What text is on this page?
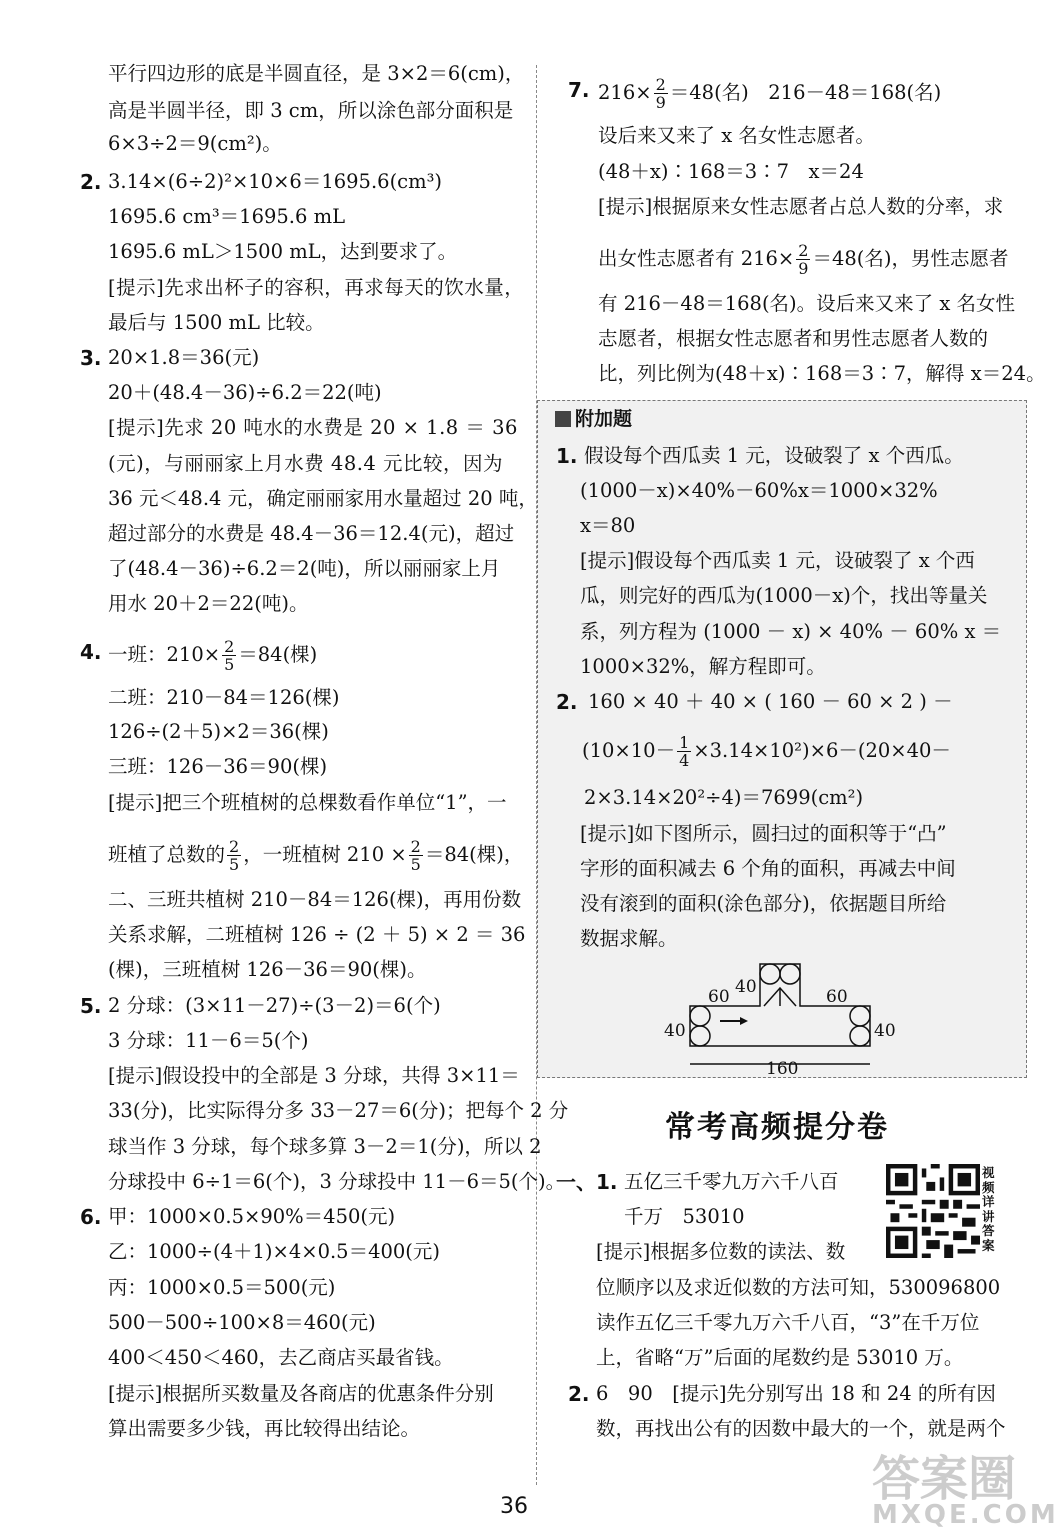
平行四边形的底是半圆直径，是 3×2＝6(cm)，
高是半圆半径，即 3 cm，所以涂色部分面积是
6×3÷2＝9(cm²)。
2. 3.14×(6÷2)²×10×6＝1695.6(cm³)
1695.6 cm³＝1695.6 mL
1695.6 mL＞1500 mL，达到要求了。
[提示]先求出杯子的容积，再求每天的饮水量，
最后与 1500 mL 比较。
3. 20×1.8＝36(元)
20＋(48.4－36)÷6.2＝22(吨)
[提示]先求 20 吨水的水费是 20 × 1.8 ＝ 36
(元)，与丽丽家上月水费 48.4 元比较，因为
36 元＜48.4 元，确定丽丽家用水量超过 20 吨，
超过部分的水费是 48.4－36＝12.4(元)，超过
了(48.4－36)÷6.2＝2(吨)，所以丽丽家上月
用水 20＋2＝22(吨)。
4. 一班：$210\times \frac{2}{5} =84$(棵)
二班：210－84＝126(棵)
126÷(2＋5)×2＝36(棵)
三班：126－36＝90(棵)
[提示]把三个班植树的总棵数看作单位“1”，一
班植了总数的 $\frac{2}{5}$ ，一班植树 $210 \times \frac{2}{5} =84$(棵)，
二、三班共植树 210－84＝126(棵)，再用份数
关系求解，二班植树 126 ÷ (2 ＋ 5) × 2 ＝ 36
(棵)，三班植树 126－36＝90(棵)。
5. 2 分球：(3×11－27)÷(3－2)＝6(个)
3 分球：11－6＝5(个)
[提示]假设投中的全部是 3 分球，共得 3×11＝
33(分)，比实际得分多 33－27＝6(分)；把每个 2 分
球当作 3 分球，每个球多算 3－2＝1(分)，所以 2
分球投中 6÷1＝6(个)，3 分球投中 11－6＝5(个)。
6. 甲：1000×0.5×90%＝450(元)
乙：1000÷(4＋1)×4×0.5＝400(元)
丙：1000×0.5＝500(元)
500－500÷100×8＝460(元)
400＜450＜460，去乙商店买最省钱。
[提示]根据所买数量及各商店的优惠条件分别
算出需要多少钱，再比较得出结论。
7. $216\times \frac{2}{9} =48$(名)　216－48＝168(名)
设后来又来了 x 名女性志愿者。
(48＋x)∶168＝3∶7　x＝24
[提示]根据原来女性志愿者占总人数的分率，求
出女性志愿者有 $216\times \frac{2}{9} =48$(名)，男性志愿者
有 216－48＝168(名)。设后来又来了 x 名女性
志愿者，根据女性志愿者和男性志愿者人数的
比，列比例为(48＋x)∶168＝3∶7，解得 x＝24。
附加题
1. 假设每个西瓜卖 1 元，设破裂了 x 个西瓜。
(1000－x)×40%－60%x＝1000×32%
x＝80
[提示]假设每个西瓜卖 1 元，设破裂了 x 个西
瓜，则完好的西瓜为(1000－x)个，找出等量关
系，列方程为 (1000 － x) × 40% － 60% x ＝
1000×32%，解方程即可。
2. 160 × 40 ＋ 40 × ( 160 － 60 × 2 ) －
$(10\times 10- \frac{1}{4} \times 3.14\times 10^2)\times 6-(20\times 40-$
2×3.14×20²÷4)＝7699(cm²)
[提示]如下图所示，圆扫过的面积等于“凸”
字形的面积减去 6 个角的面积，再减去中间
没有滚到的面积(涂色部分)，依据题目所给
数据求解。
60 40	60
40	40
160
常考高频提分卷
一、1. 五亿三千零九万六千八百
千万　53010
[提示]根据多位数的读法、数
视频详讲答案
位顺序以及求近似数的方法可知，530096800
读作五亿三千零九万六千八百，“3”在千万位
上，省略“万”后面的尾数约是 53010 万。
2. 6　90　[提示]先分别写出 18 和 24 的所有因
数，再找出公有的因数中最大的一个，就是两个
36	答案圈
MXQE.COM
